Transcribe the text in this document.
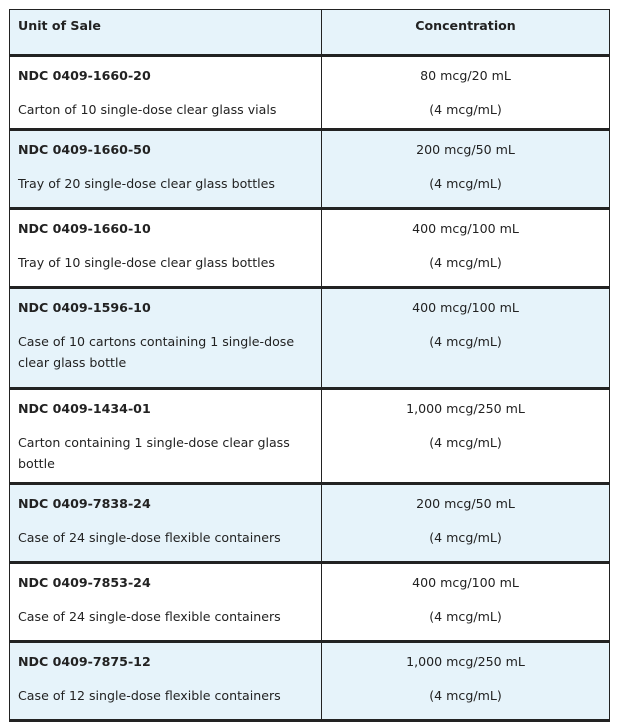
Unit of Sale	Concentration

NDC 0409-1660-20
Carton of 10 single-dose clear glass vials	80 mcg/20 mL
(4 mcg/mL)

NDC 0409-1660-50
Tray of 20 single-dose clear glass bottles	200 mcg/50 mL
(4 mcg/mL)

NDC 0409-1660-10
Tray of 10 single-dose clear glass bottles	400 mcg/100 mL
(4 mcg/mL)

NDC 0409-1596-10
Case of 10 cartons containing 1 single-dose clear glass bottle	400 mcg/100 mL
(4 mcg/mL)

NDC 0409-1434-01
Carton containing 1 single-dose clear glass bottle	1,000 mcg/250 mL
(4 mcg/mL)

NDC 0409-7838-24
Case of 24 single-dose flexible containers	200 mcg/50 mL
(4 mcg/mL)

NDC 0409-7853-24
Case of 24 single-dose flexible containers	400 mcg/100 mL
(4 mcg/mL)

NDC 0409-7875-12
Case of 12 single-dose flexible containers	1,000 mcg/250 mL
(4 mcg/mL)
